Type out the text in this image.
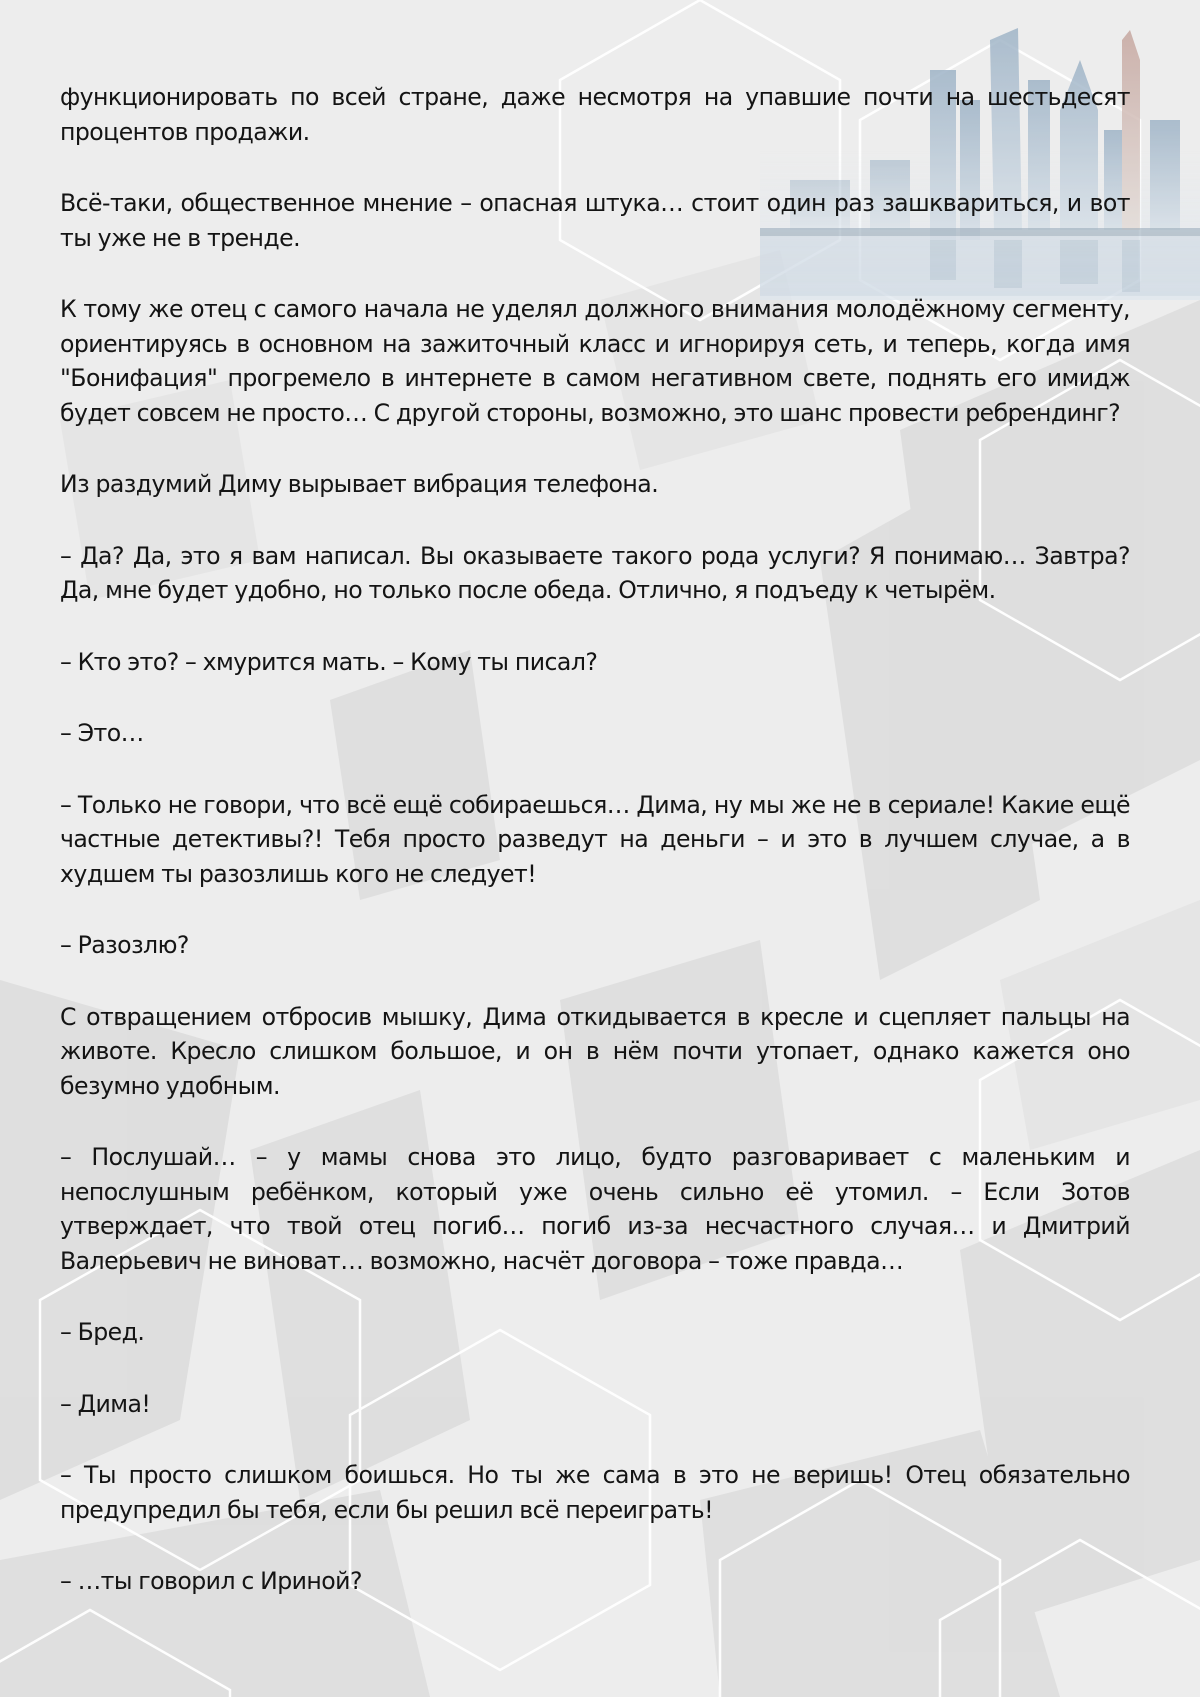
функционировать по всей стране, даже несмотря на упавшие почти на шестьдесят процентов продажи.

Всё-таки, общественное мнение – опасная штука… стоит один раз зашквариться, и вот ты уже не в тренде.

К тому же отец с самого начала не уделял должного внимания молодёжному сегменту, ориентируясь в основном на зажиточный класс и игнорируя сеть, и теперь, когда имя "Бонифация" прогремело в интернете в самом негативном свете, поднять его имидж будет совсем не просто… С другой стороны, возможно, это шанс провести ребрендинг?

Из раздумий Диму вырывает вибрация телефона.

– Да? Да, это я вам написал. Вы оказываете такого рода услуги? Я понимаю… Завтра? Да, мне будет удобно, но только после обеда. Отлично, я подъеду к четырём.

– Кто это? – хмурится мать. – Кому ты писал?

– Это…

– Только не говори, что всё ещё собираешься… Дима, ну мы же не в сериале! Какие ещё частные детективы?! Тебя просто разведут на деньги – и это в лучшем случае, а в худшем ты разозлишь кого не следует!

– Разозлю?

С отвращением отбросив мышку, Дима откидывается в кресле и сцепляет пальцы на животе. Кресло слишком большое, и он в нём почти утопает, однако кажется оно безумно удобным.

– Послушай… – у мамы снова это лицо, будто разговаривает с маленьким и непослушным ребёнком, который уже очень сильно её утомил. – Если Зотов утверждает, что твой отец погиб… погиб из-за несчастного случая… и Дмитрий Валерьевич не виноват… возможно, насчёт договора – тоже правда…

– Бред.

– Дима!

– Ты просто слишком боишься. Но ты же сама в это не веришь! Отец обязательно предупредил бы тебя, если бы решил всё переиграть!

– …ты говорил с Ириной?
